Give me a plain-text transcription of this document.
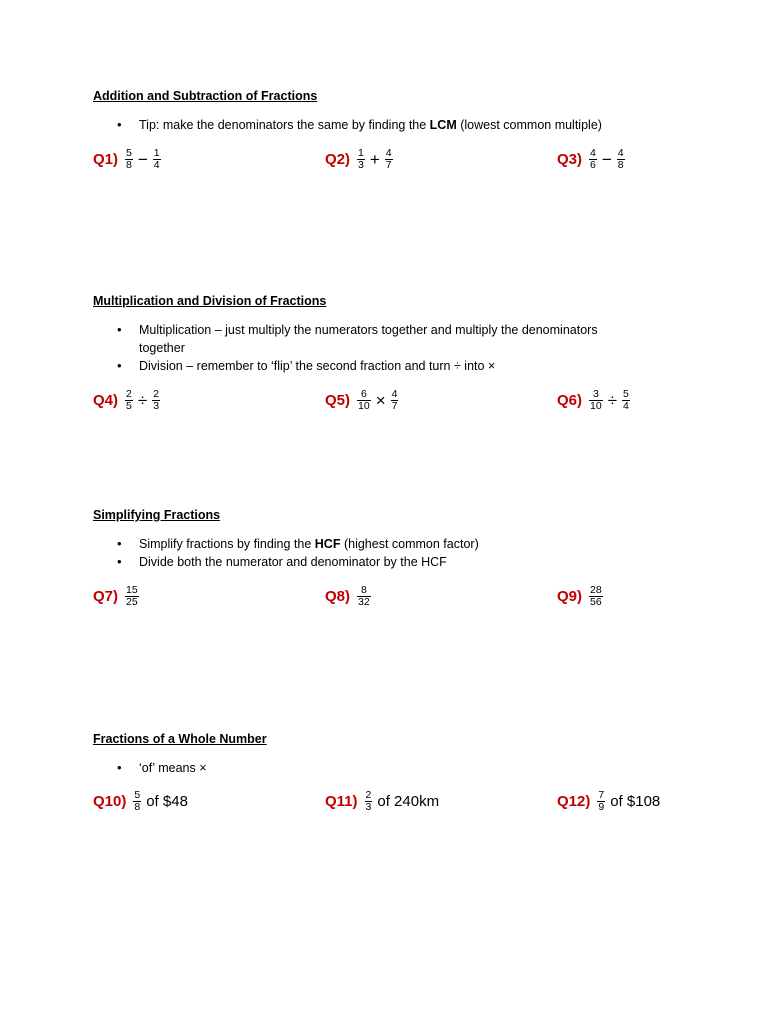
Addition and Subtraction of Fractions

• Tip: make the denominators the same by finding the LCM (lowest common multiple)
$Q1) \frac{5}{8} - \frac{1}{4}$	$Q2) \frac{1}{3} + \frac{4}{7}$	$Q3) \frac{4}{6} - \frac{4}{8}$

Multiplication and Division of Fractions

• Multiplication – just multiply the numerators together and multiply the denominators together
• Division – remember to ‘flip’ the second fraction and turn ÷ into ×
$Q4) \frac{2}{5} \div \frac{2}{3}$	$Q5) \frac{6}{10} \times \frac{4}{7}$	$Q6) \frac{3}{10} \div \frac{5}{4}$

Simplifying Fractions

• Simplify fractions by finding the HCF (highest common factor)
• Divide both the numerator and denominator by the HCF
$Q7) \frac{15}{25}$	$Q8) \frac{8}{32}$	$Q9) \frac{28}{56}$

Fractions of a Whole Number

• ‘of’ means ×
$Q10) \frac{5}{8}$ of $48	$Q11) \frac{2}{3}$ of 240km	$Q12) \frac{7}{9}$ of $108
